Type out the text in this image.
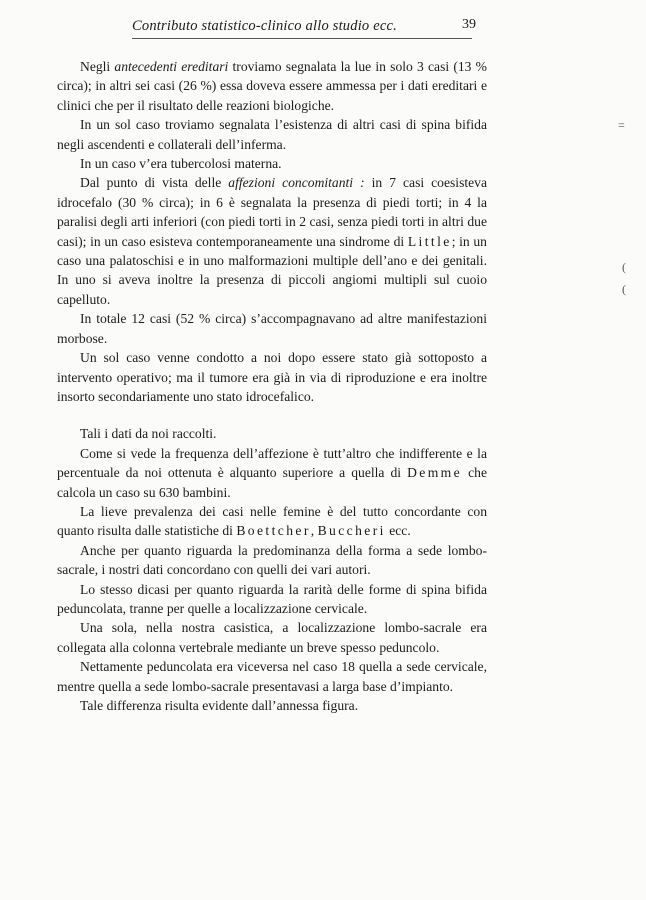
Contributo statistico-clinico allo studio ecc.	39
=
(
(

Negli antecedenti ereditari troviamo segnalata la lue in solo 3 casi (13 % circa); in altri sei casi (26 %) essa doveva essere ammessa per i dati ereditari e clinici che per il risultato delle reazioni biologiche.

In un sol caso troviamo segnalata l’esistenza di altri casi di spina bifida negli ascendenti e collaterali dell’inferma.

In un caso v’era tubercolosi materna.

Dal punto di vista delle affezioni concomitanti : in 7 casi coesisteva idrocefalo (30 % circa); in 6 è segnalata la presenza di piedi torti; in 4 la paralisi degli arti inferiori (con piedi torti in 2 casi, senza piedi torti in altri due casi); in un caso esisteva contemporaneamente una sindrome di Little; in un caso una palatoschisi e in uno malformazioni multiple dell’ano e dei genitali. In uno si aveva inoltre la presenza di piccoli angiomi multipli sul cuoio capelluto.

In totale 12 casi (52 % circa) s’accompagnavano ad altre manifestazioni morbose.

Un sol caso venne condotto a noi dopo essere stato già sottoposto a intervento operativo; ma il tumore era già in via di riproduzione e era inoltre insorto secondariamente uno stato idrocefalico.

Tali i dati da noi raccolti.

Come si vede la frequenza dell’affezione è tutt’altro che indifferente e la percentuale da noi ottenuta è alquanto superiore a quella di Demme che calcola un caso su 630 bambini.

La lieve prevalenza dei casi nelle femine è del tutto concordante con quanto risulta dalle statistiche di Boettcher, Buccheri ecc.

Anche per quanto riguarda la predominanza della forma a sede lombo-sacrale, i nostri dati concordano con quelli dei vari autori.

Lo stesso dicasi per quanto riguarda la rarità delle forme di spina bifida peduncolata, tranne per quelle a localizzazione cervicale.

Una sola, nella nostra casistica, a localizzazione lombo-sacrale era collegata alla colonna vertebrale mediante un breve spesso peduncolo.

Nettamente peduncolata era viceversa nel caso 18 quella a sede cervicale, mentre quella a sede lombo-sacrale presentavasi a larga base d’impianto.

Tale differenza risulta evidente dall’annessa figura.
